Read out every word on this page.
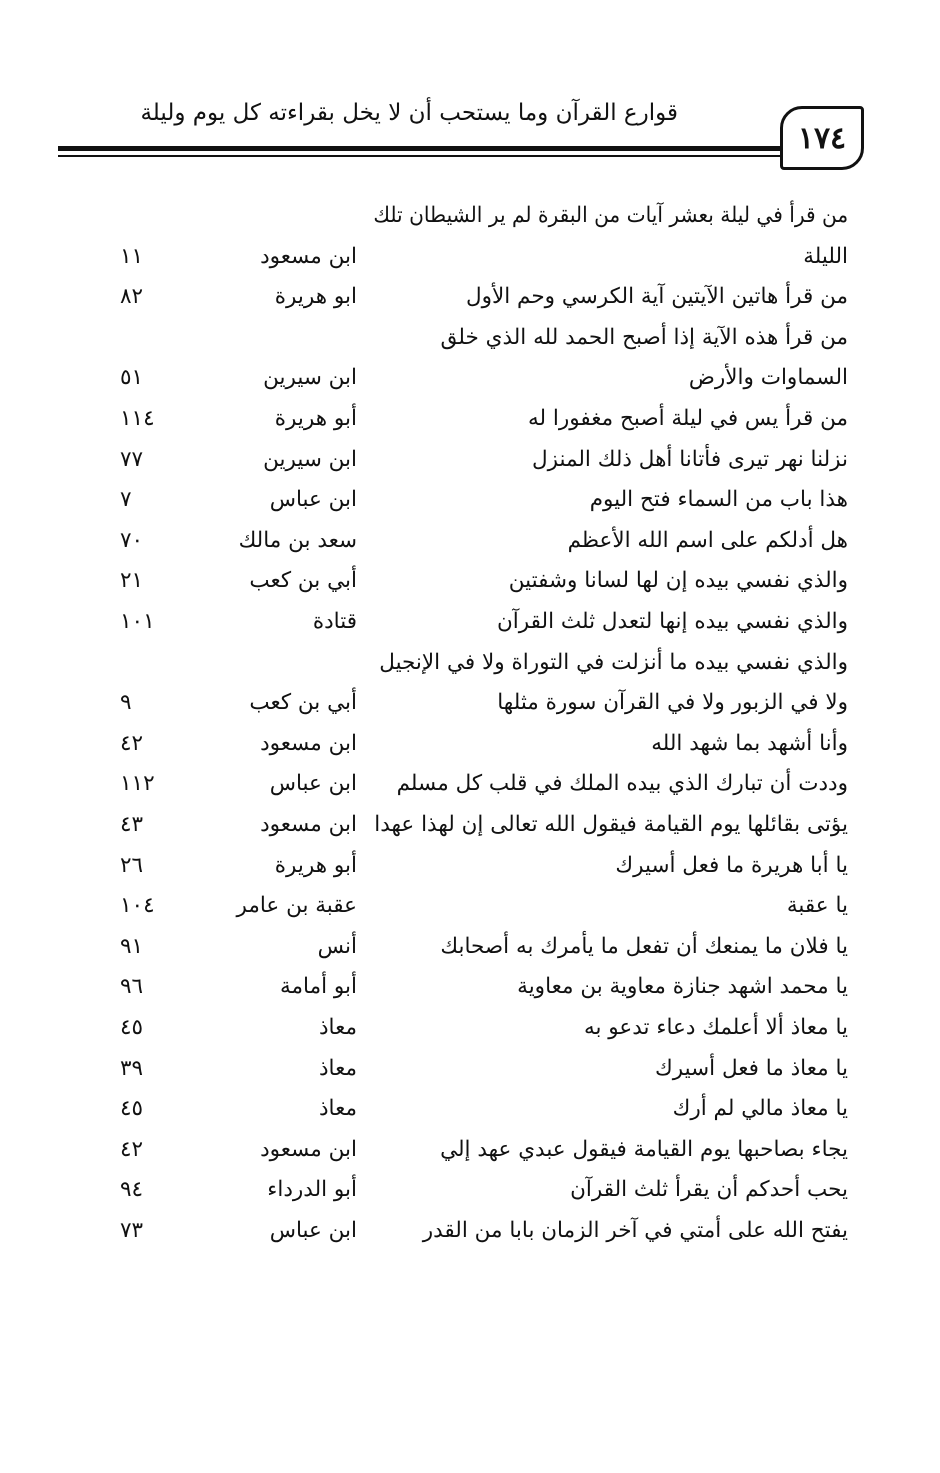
قوارع القرآن وما يستحب أن لا يخل بقراءته كل يوم وليلة
١٧٤
من قرأ في ليلة بعشر آيات من البقرة لم ير الشيطان تلك
الليلة
ابن مسعود
١١
من قرأ هاتين الآيتين آية الكرسي وحم الأول
ابو هريرة
٨٢
من قرأ هذه الآية إذا أصبح الحمد لله الذي خلق
السماوات والأرض
ابن سيرين
٥١
من قرأ يس في ليلة أصبح مغفورا له
أبو هريرة
١١٤
نزلنا نهر تيرى فأتانا أهل ذلك المنزل
ابن سيرين
٧٧
هذا باب من السماء فتح اليوم
ابن عباس
٧
هل أدلكم على اسم الله الأعظم
سعد بن مالك
٧٠
والذي نفسي بيده إن لها لسانا وشفتين
أبي بن كعب
٢١
والذي نفسي بيده إنها لتعدل ثلث القرآن
قتادة
١٠١
والذي نفسي بيده ما أنزلت في التوراة ولا في الإنجيل
ولا في الزبور ولا في القرآن سورة مثلها
أبي بن كعب
٩
وأنا أشهد بما شهد الله
ابن مسعود
٤٢
وددت أن تبارك الذي بيده الملك في قلب كل مسلم
ابن عباس
١١٢
يؤتى بقائلها يوم القيامة فيقول الله تعالى إن لهذا عهدا
ابن مسعود
٤٣
يا أبا هريرة ما فعل أسيرك
أبو هريرة
٢٦
يا عقبة
عقبة بن عامر
١٠٤
يا فلان ما يمنعك أن تفعل ما يأمرك به أصحابك
أنس
٩١
يا محمد اشهد جنازة معاوية بن معاوية
أبو أمامة
٩٦
يا معاذ ألا أعلمك دعاء تدعو به
معاذ
٤٥
يا معاذ ما فعل أسيرك
معاذ
٣٩
يا معاذ مالي لم أرك
معاذ
٤٥
يجاء بصاحبها يوم القيامة فيقول عبدي عهد إلي
ابن مسعود
٤٢
يحب أحدكم أن يقرأ ثلث القرآن
أبو الدرداء
٩٤
يفتح الله على أمتي في آخر الزمان بابا من القدر
ابن عباس
٧٣
